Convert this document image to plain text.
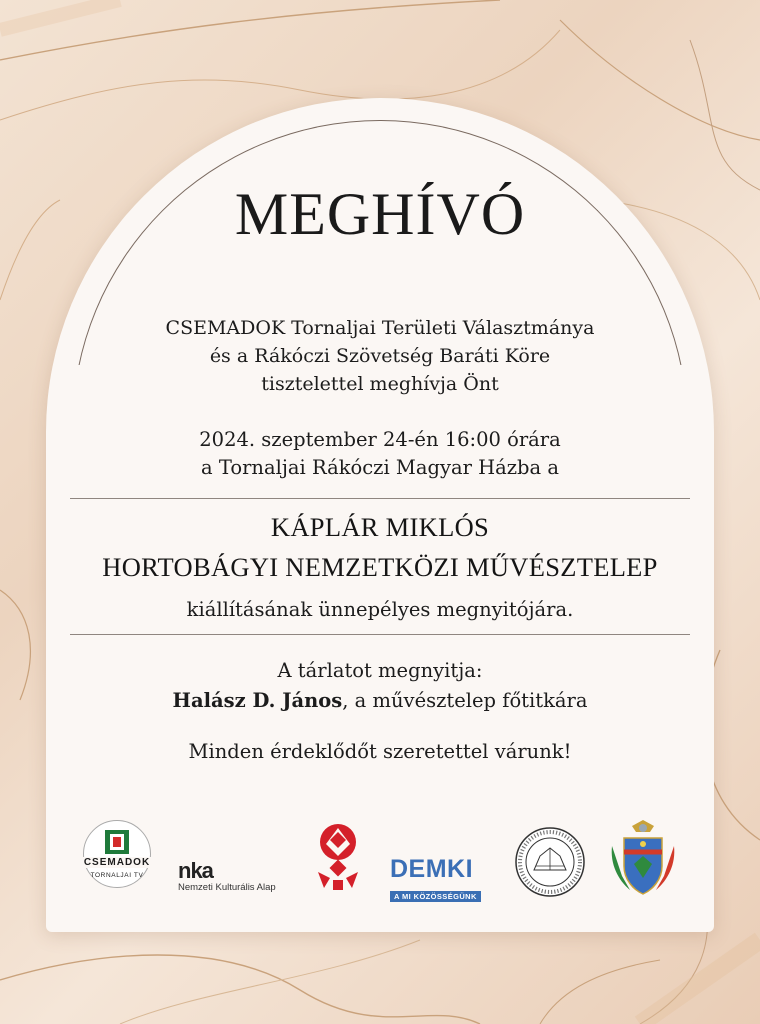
MEGHÍVÓ
CSEMADOK Tornaljai Területi Választmánya
és a Rákóczi Szövetség Baráti Köre
tisztelettel meghívja Önt
2024. szeptember 24-én 16:00 órára
a Tornaljai Rákóczi Magyar Házba a
KÁPLÁR MIKLÓS
HORTOBÁGYI NEMZETKÖZI MŰVÉSZTELEP
kiállításának ünnepélyes megnyitójára.
A tárlatot megnyitja:
Halász D. János, a művésztelep főtitkára
Minden érdeklődőt szeretettel várunk!
CSEMADOK
TORNALJAI TV	nka
Nemzeti Kulturális Alap
DEMKI
A MI KÖZÖSSÉGÜNK
